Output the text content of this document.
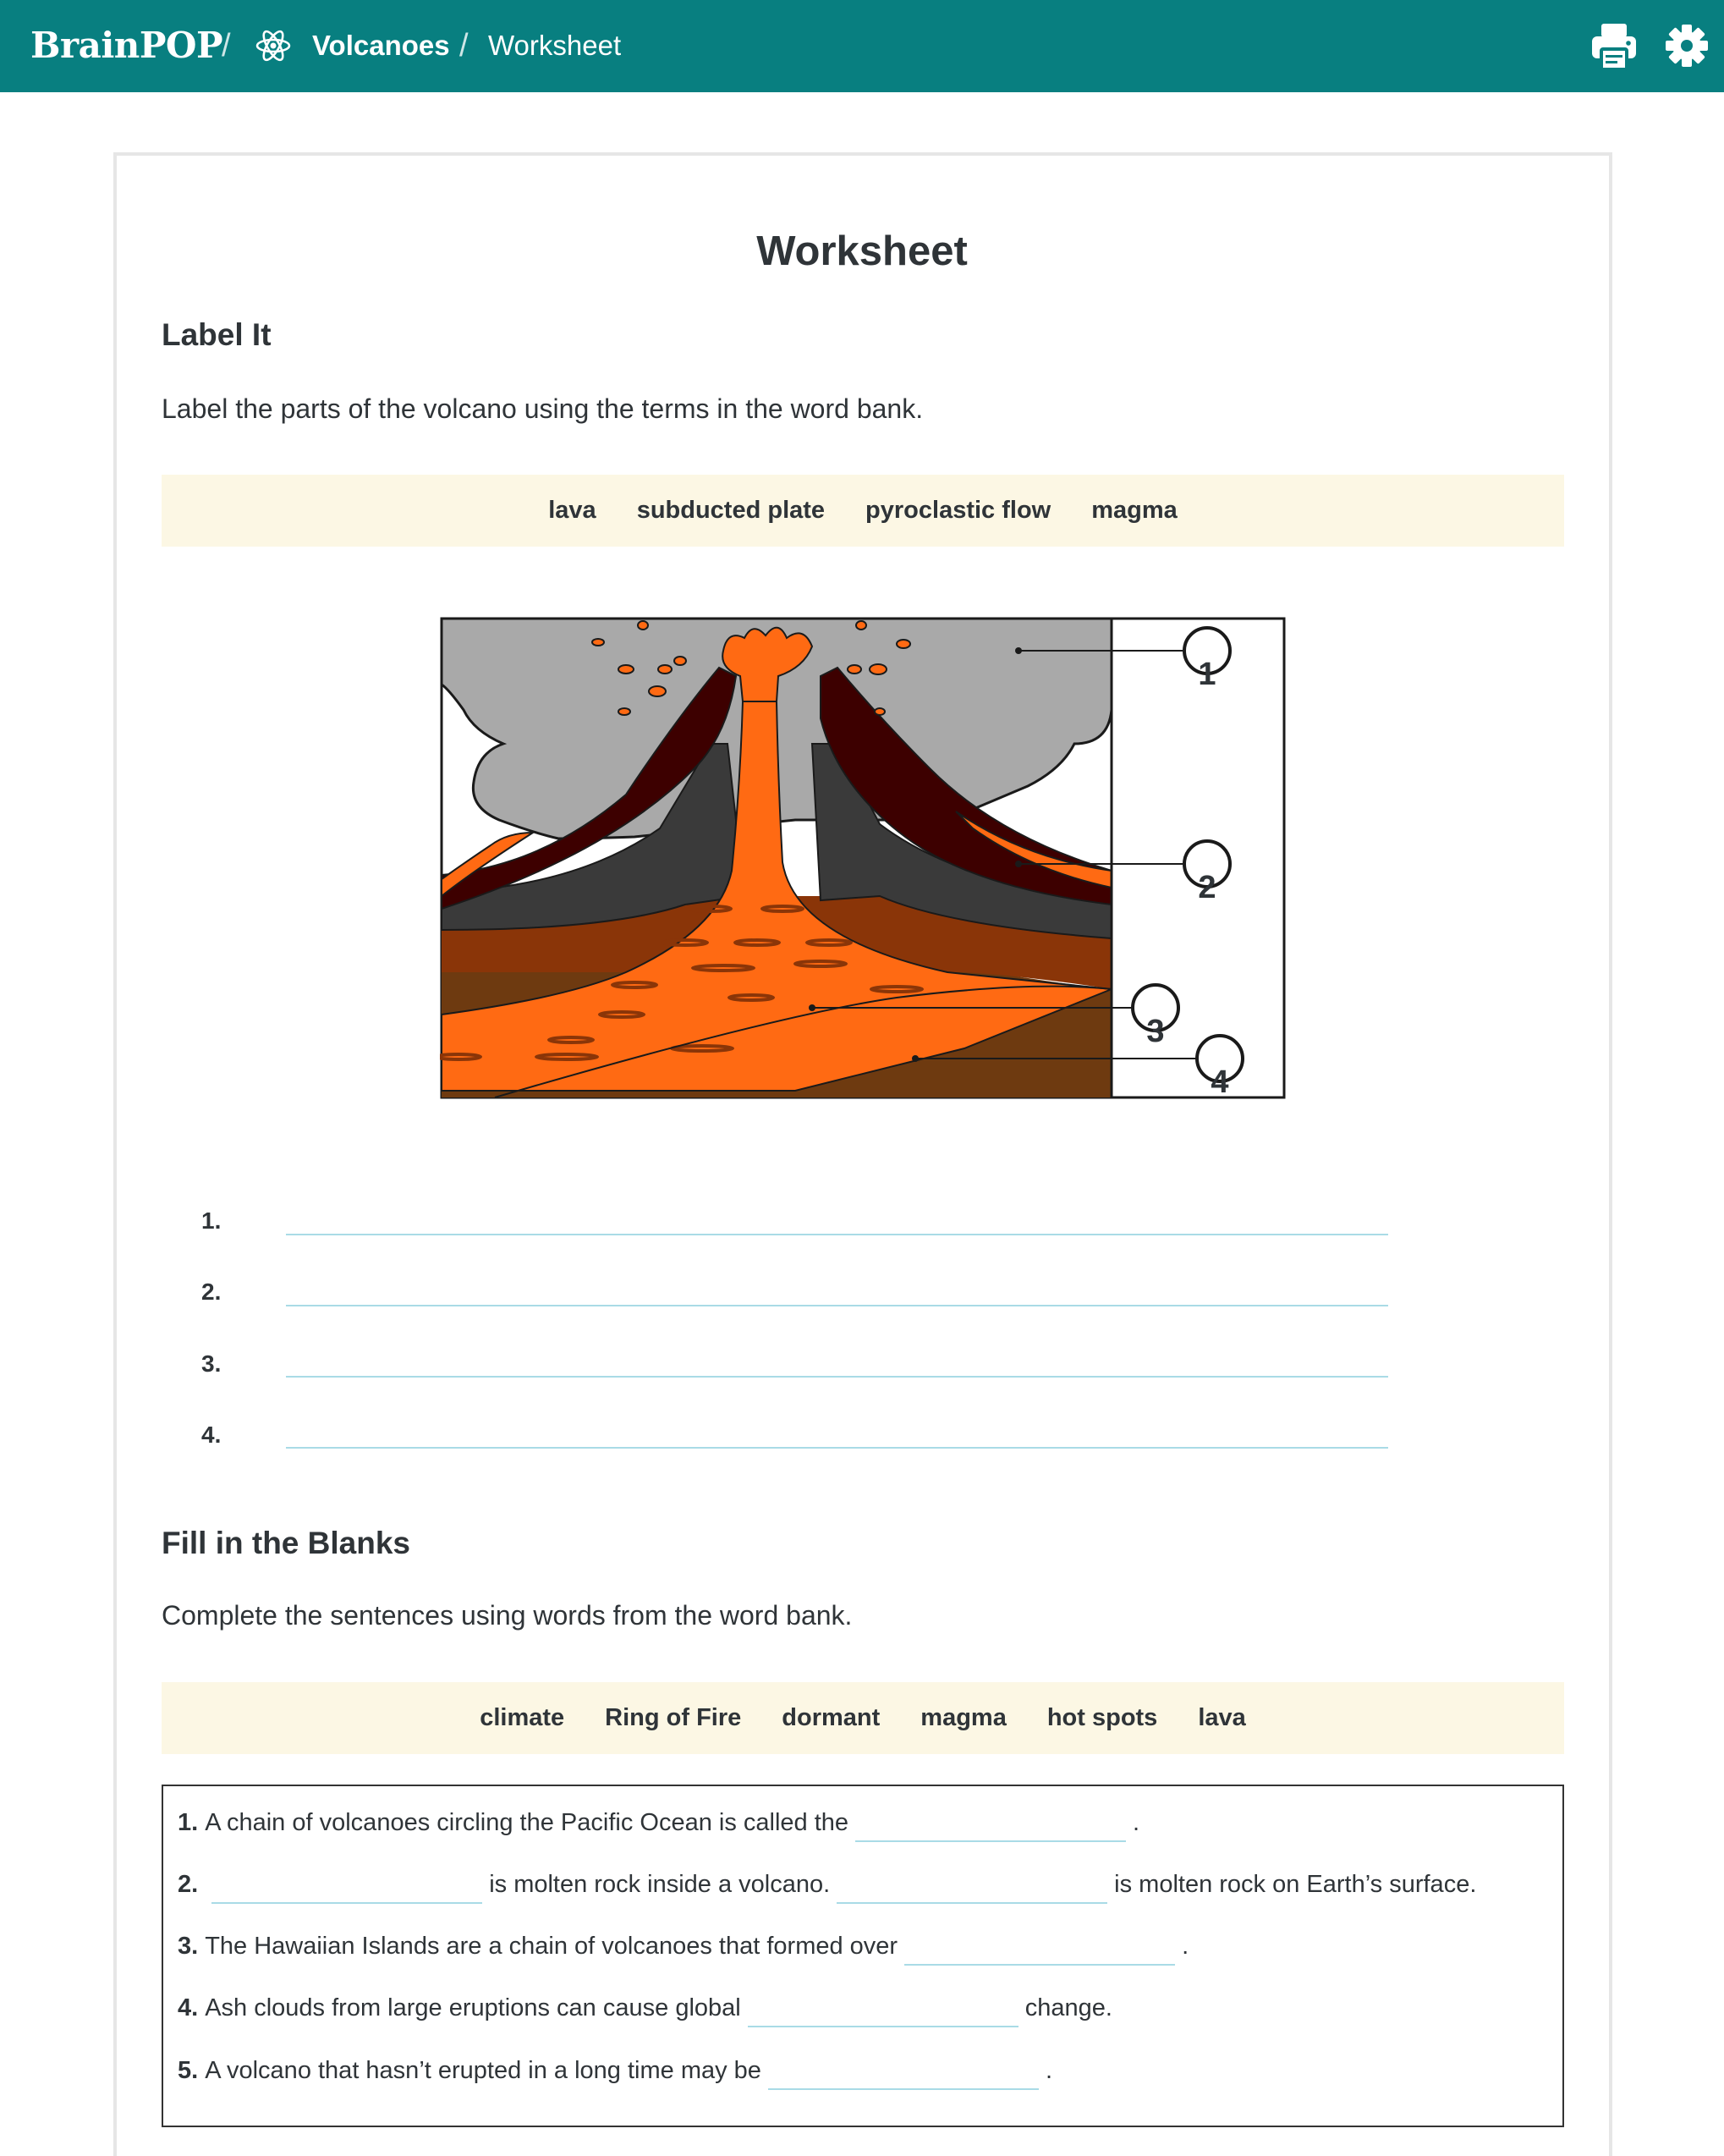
BrainPOP
/	Volcanoes / Worksheet
Worksheet
Label It
Label the parts of the volcano using the terms in the word bank.
lava subducted plate pyroclastic flow magma
1
2
3
4
1.
2.
3.
4.
Fill in the Blanks
Complete the sentences using words from the word bank.
climate Ring of Fire dormant magma hot spots lava
1. A chain of volcanoes circling the Pacific Ocean is called the	.
2.	is molten rock inside a volcano.	is molten rock on Earth’s surface.
3. The Hawaiian Islands are a chain of volcanoes that formed over	.
4. Ash clouds from large eruptions can cause global	change.
5. A volcano that hasn’t erupted in a long time may be	.
